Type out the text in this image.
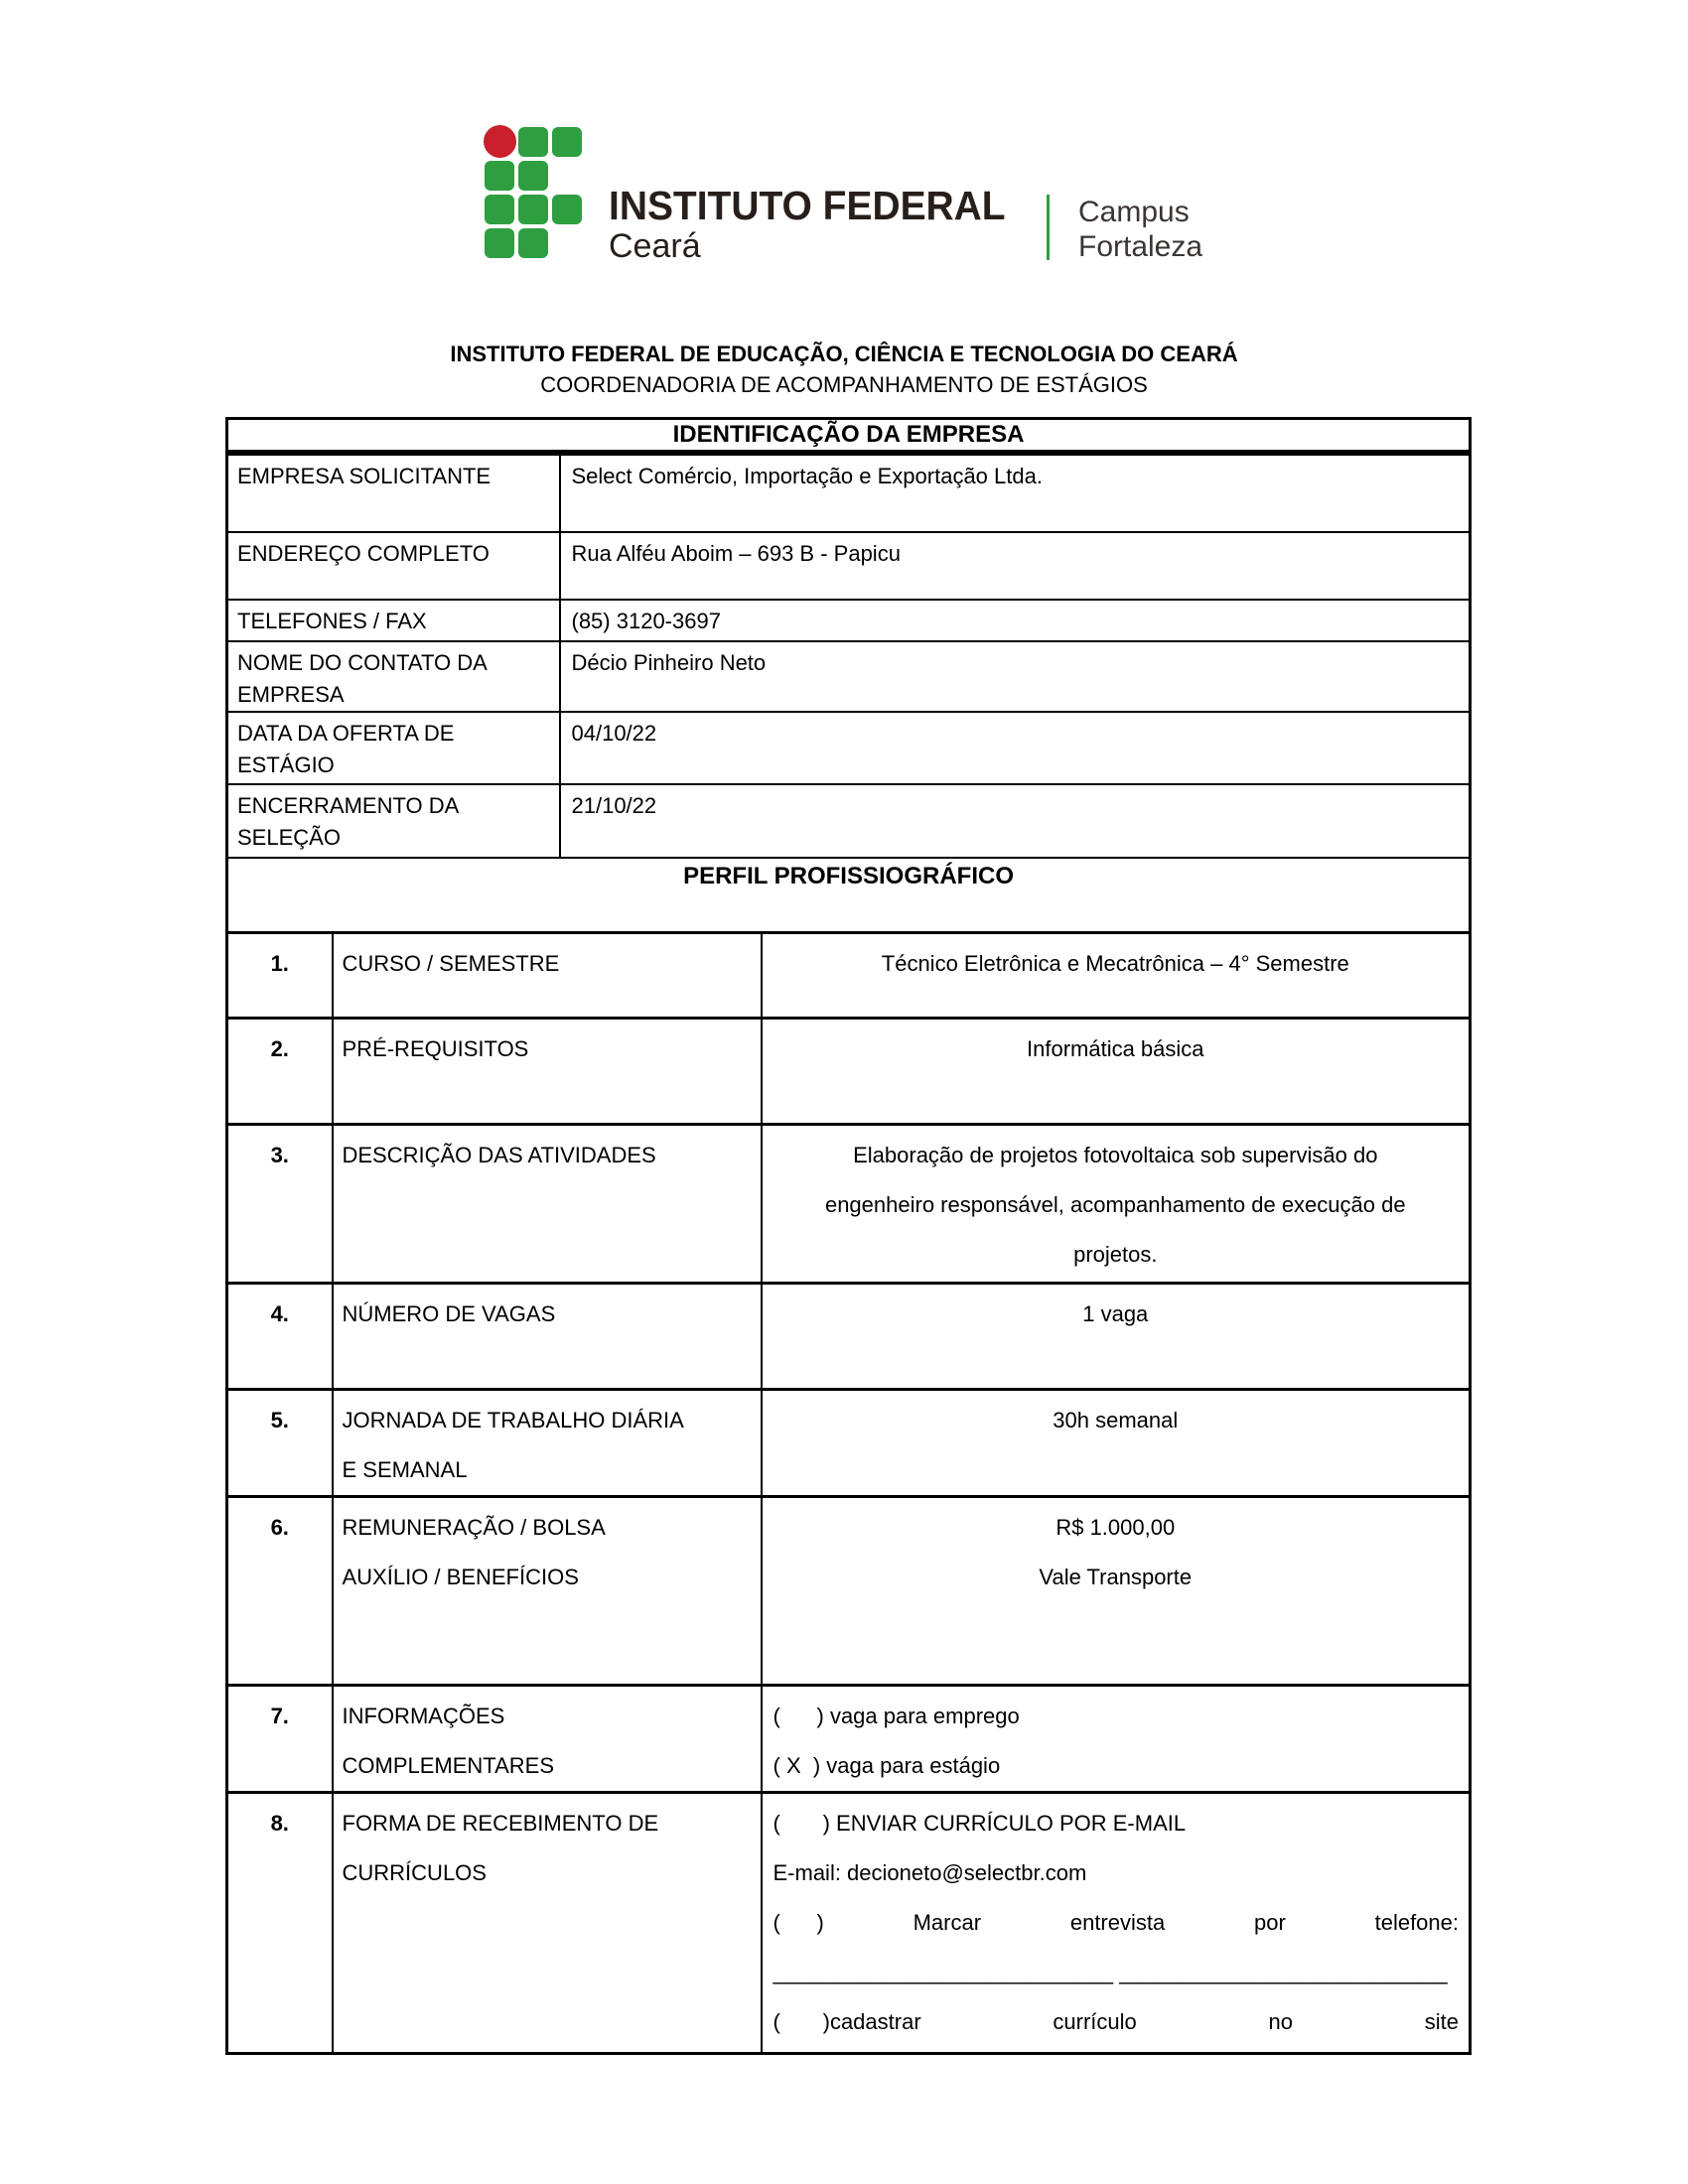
INSTITUTO FEDERAL
Ceará
Campus
Fortaleza
INSTITUTO FEDERAL DE EDUCAÇÃO, CIÊNCIA E TECNOLOGIA DO CEARÁ
COORDENADORIA DE ACOMPANHAMENTO DE ESTÁGIOS
IDENTIFICAÇÃO DA EMPRESA			

EMPRESA SOLICITANTE		Select Comércio, Importação e Exportação Ltda.	

ENDEREÇO COMPLETO		Rua Alféu Aboim – 693 B - Papicu	

TELEFONES / FAX		(85) 3120-3697	

NOME DO CONTATO DA
EMPRESA		Décio Pinheiro Neto	

DATA DA OFERTA DE
ESTÁGIO		04/10/22	

ENCERRAMENTO DA
SELEÇÃO		21/10/22	

PERFIL PROFISSIOGRÁFICO			
1.	CURSO / SEMESTRE		Técnico Eletrônica e Mecatrônica – 4° Semestre

2.	PRÉ-REQUISITOS		Informática básica

3.	DESCRIÇÃO DAS ATIVIDADES		Elaboração de projetos fotovoltaica sob supervisão do
engenheiro responsável, acompanhamento de execução de
projetos.

4.	NÚMERO DE VAGAS		1 vaga

5.	JORNADA DE TRABALHO DIÁRIA
E SEMANAL		30h semanal

6.	REMUNERAÇÃO / BOLSA
AUXÍLIO / BENEFÍCIOS

R$ 1.000,00
Vale Transporte

7.	INFORMAÇÕES
COMPLEMENTARES

(      ) vaga para emprego
( X  ) vaga para estágio

8.	FORMA DE RECEBIMENTO DE
CURRÍCULOS

(       ) ENVIAR CURRÍCULO POR E-MAIL
E-mail: decioneto@selectbr.com
(      )	Marcar	entrevista	por	telefone:
____________________________ ___________________________
(       )cadastrar	currículo	no	site
